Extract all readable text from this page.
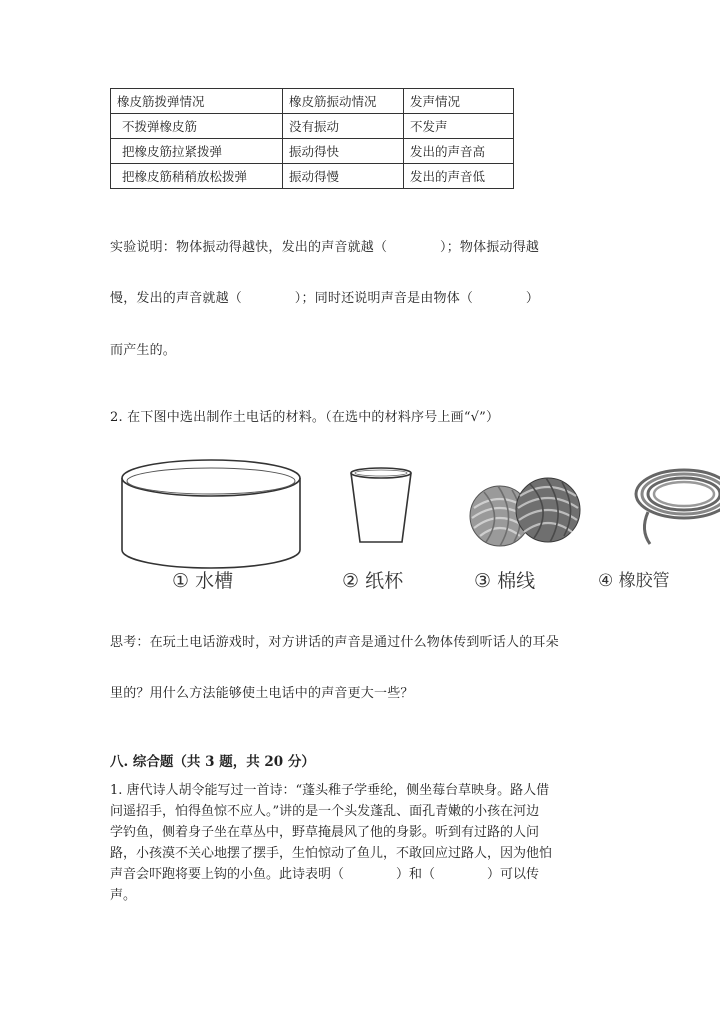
橡皮筋拨弹情况	橡皮筋振动情况	发声情况
不拨弹橡皮筋	没有振动	不发声
把橡皮筋拉紧拨弹	振动得快	发出的声音高
把橡皮筋稍稍放松拨弹	振动得慢	发出的声音低
实验说明：物体振动得越快，发出的声音就越（　　　　）；物体振动得越
慢，发出的声音就越（　　　　）；同时还说明声音是由物体（　　　　）
而产生的。
2. 在下图中选出制作土电话的材料。（在选中的材料序号上画“√”）
① 水槽	② 纸杯	③ 棉线	④ 橡胶管
思考：在玩土电话游戏时，对方讲话的声音是通过什么物体传到听话人的耳朵
里的？用什么方法能够使土电话中的声音更大一些？
八. 综合题（共 3 题，共 20 分）
1. 唐代诗人胡令能写过一首诗：“蓬头稚子学垂纶，侧坐莓台草映身。路人借
问遥招手，怕得鱼惊不应人。”讲的是一个头发蓬乱、面孔青嫩的小孩在河边
学钓鱼，侧着身子坐在草丛中，野草掩晨风了他的身影。听到有过路的人问
路，小孩漠不关心地摆了摆手，生怕惊动了鱼儿，不敢回应过路人，因为他怕
声音会吓跑将要上钩的小鱼。此诗表明（　　　　）和（　　　　）可以传
声。
